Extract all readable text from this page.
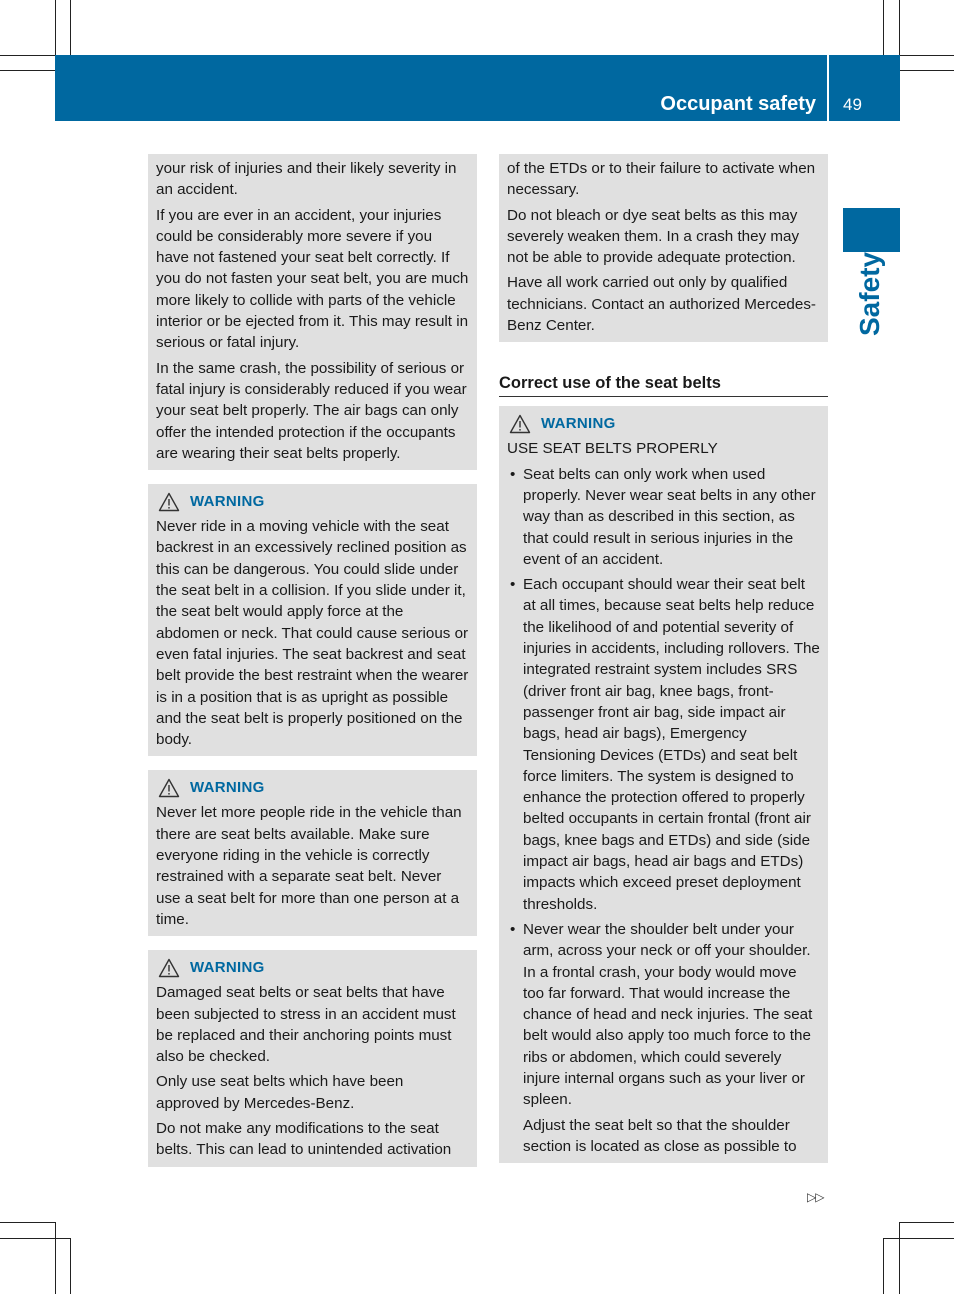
Occupant safety 49
Safety

your risk of injuries and their likely severity in an accident.

If you are ever in an accident, your injuries could be considerably more severe if you have not fastened your seat belt correctly. If you do not fasten your seat belt, you are much more likely to collide with parts of the vehicle interior or be ejected from it. This may result in serious or fatal injury.

In the same crash, the possibility of serious or fatal injury is considerably reduced if you wear your seat belt properly. The air bags can only offer the intended protection if the occupants are wearing their seat belts properly.

WARNING

Never ride in a moving vehicle with the seat backrest in an excessively reclined position as this can be dangerous. You could slide under the seat belt in a collision. If you slide under it, the seat belt would apply force at the abdomen or neck. That could cause serious or even fatal injuries. The seat backrest and seat belt provide the best restraint when the wearer is in a position that is as upright as possible and the seat belt is properly positioned on the body.

WARNING

Never let more people ride in the vehicle than there are seat belts available. Make sure everyone riding in the vehicle is correctly restrained with a separate seat belt. Never use a seat belt for more than one person at a time.

WARNING

Damaged seat belts or seat belts that have been subjected to stress in an accident must be replaced and their anchoring points must also be checked.

Only use seat belts which have been approved by Mercedes-Benz.

Do not make any modifications to the seat belts. This can lead to unintended activation

of the ETDs or to their failure to activate when necessary.

Do not bleach or dye seat belts as this may severely weaken them. In a crash they may not be able to provide adequate protection.

Have all work carried out only by qualified technicians. Contact an authorized Mercedes-Benz Center.

Correct use of the seat belts
WARNING

USE SEAT BELTS PROPERLY

• Seat belts can only work when used properly. Never wear seat belts in any other way than as described in this section, as that could result in serious injuries in the event of an accident.
• Each occupant should wear their seat belt at all times, because seat belts help reduce the likelihood of and potential severity of injuries in accidents, including rollovers. The integrated restraint system includes SRS (driver front air bag, knee bags, front-passenger front air bag, side impact air bags, head air bags), Emergency Tensioning Devices (ETDs) and seat belt force limiters. The system is designed to enhance the protection offered to properly belted occupants in certain frontal (front air bags, knee bags and ETDs) and side (side impact air bags, head air bags and ETDs) impacts which exceed preset deployment thresholds.
• Never wear the shoulder belt under your arm, across your neck or off your shoulder. In a frontal crash, your body would move too far forward. That would increase the chance of head and neck injuries. The seat belt would also apply too much force to the ribs or abdomen, which could severely injure internal organs such as your liver or spleen.

Adjust the seat belt so that the shoulder section is located as close as possible to

▷▷
